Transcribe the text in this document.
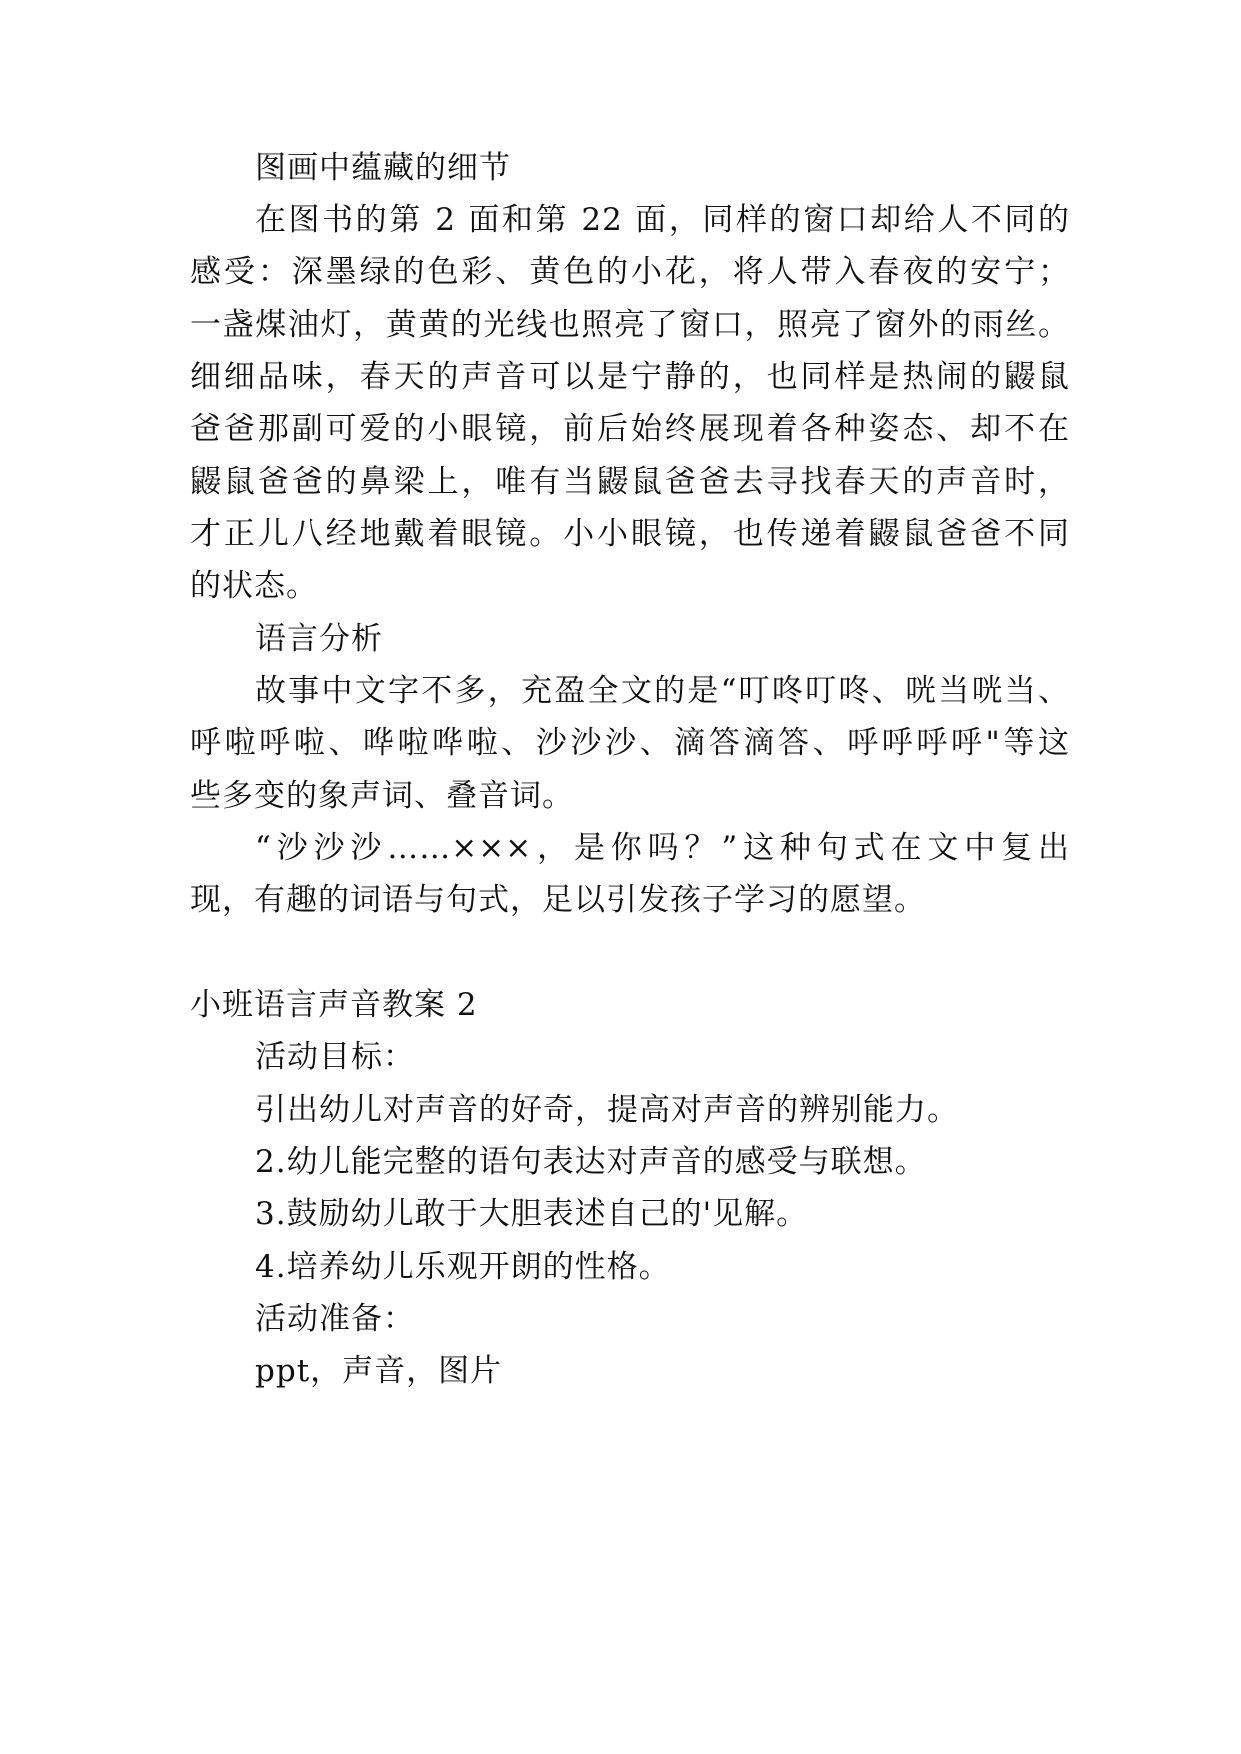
图画中蕴藏的细节
在图书的第 2 面和第 22 面，同样的窗口却给人不同的
感受：深墨绿的色彩、黄色的小花，将人带入春夜的安宁；
一盏煤油灯，黄黄的光线也照亮了窗口，照亮了窗外的雨丝。
细细品味，春天的声音可以是宁静的，也同样是热闹的鼹鼠
爸爸那副可爱的小眼镜，前后始终展现着各种姿态、却不在
鼹鼠爸爸的鼻梁上，唯有当鼹鼠爸爸去寻找春天的声音时，
才正儿八经地戴着眼镜。小小眼镜，也传递着鼹鼠爸爸不同
的状态。
语言分析
故事中文字不多，充盈全文的是“叮咚叮咚、咣当咣当、
呼啦呼啦、哗啦哗啦、沙沙沙、滴答滴答、呼呼呼呼"等这
些多变的象声词、叠音词。
“沙沙沙……×××，是你吗？”这种句式在文中复出
现，有趣的词语与句式，足以引发孩子学习的愿望。
小班语言声音教案 2
活动目标：
引出幼儿对声音的好奇，提高对声音的辨别能力。
2.幼儿能完整的语句表达对声音的感受与联想。
3.鼓励幼儿敢于大胆表述自己的'见解。
4.培养幼儿乐观开朗的性格。
活动准备：
ppt，声音，图片
